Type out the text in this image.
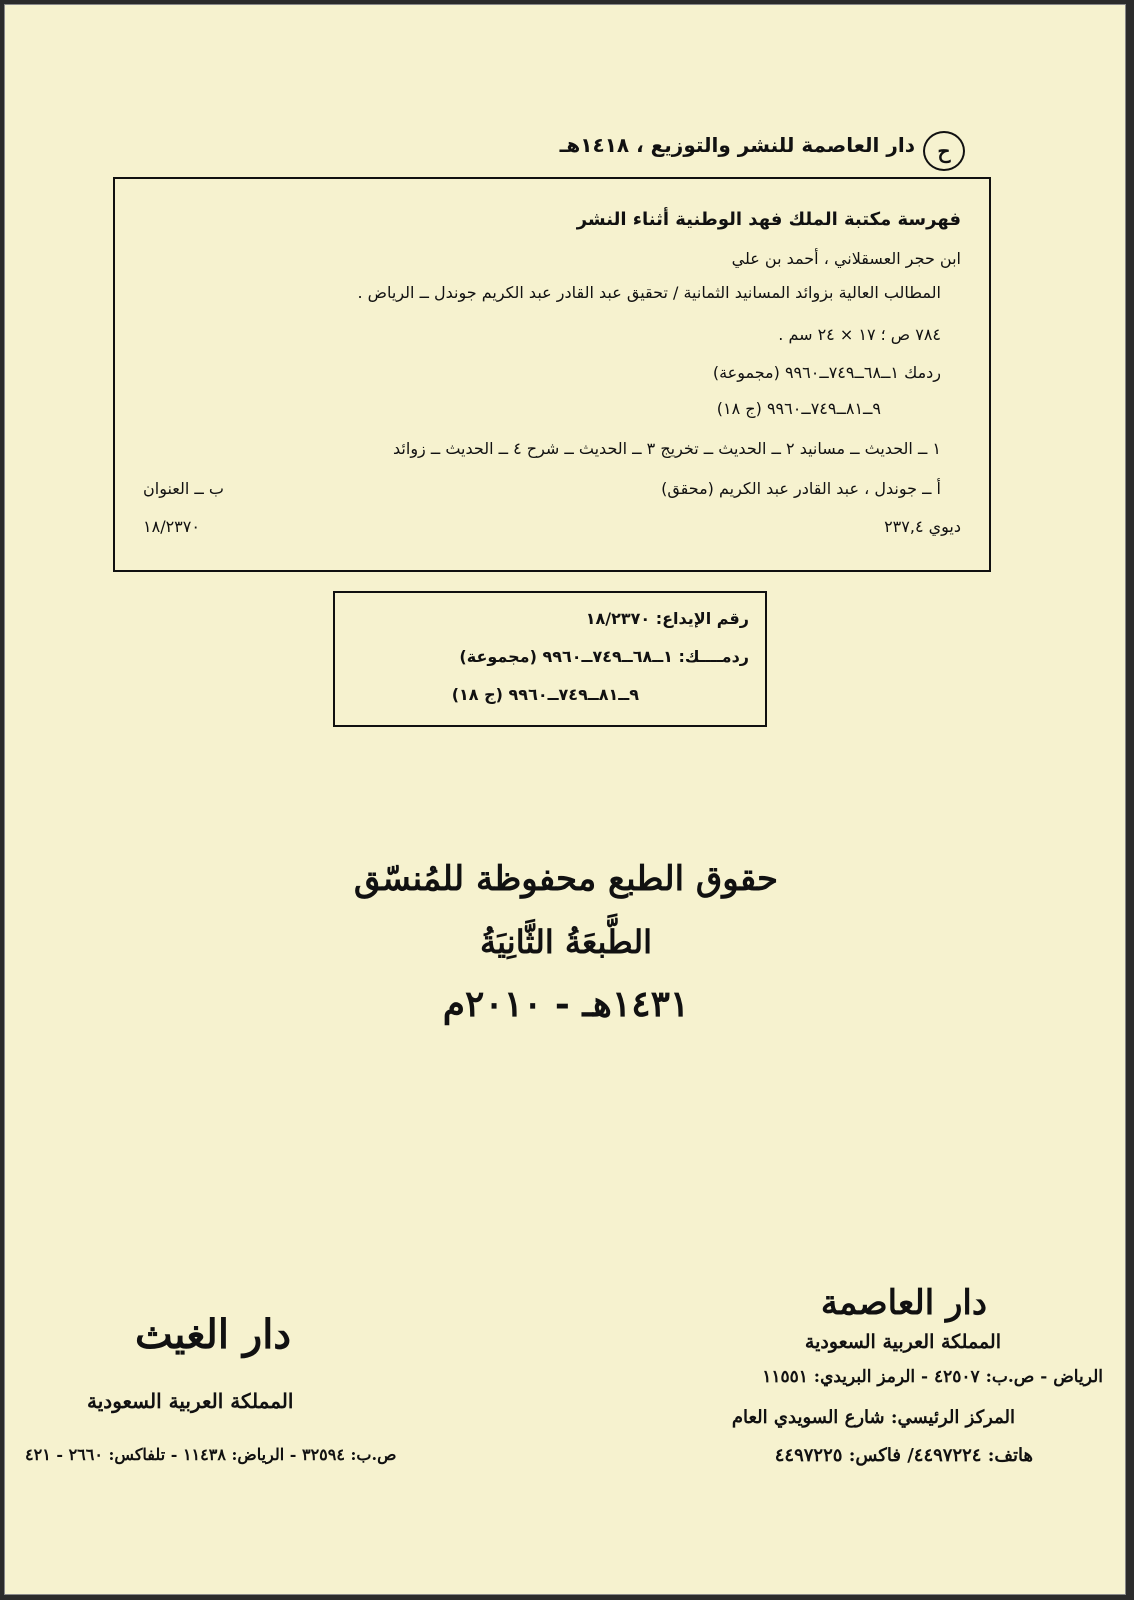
ح
دار العاصمة للنشر والتوزيع ، ١٤١٨هـ
فهرسة مكتبة الملك فهد الوطنية أثناء النشر
ابن حجر العسقلاني ، أحمد بن علي
المطالب العالية بزوائد المسانيد الثمانية / تحقيق عبد القادر عبد الكريم جوندل ــ الرياض .
٧٨٤ ص ؛ ١٧ × ٢٤ سم .
ردمك ١ــ٦٨ــ٧٤٩ــ٩٩٦٠ (مجموعة)
٩ــ٨١ــ٧٤٩ــ٩٩٦٠ (ج ١٨)
١ ــ الحديث ــ مسانيد ٢ ــ الحديث ــ تخريج ٣ ــ الحديث ــ شرح ٤ ــ الحديث ــ زوائد
أ ــ جوندل ، عبد القادر عبد الكريم (محقق)
ب ــ العنوان
ديوي ٢٣٧,٤
١٨/٢٣٧٠
رقم الإيداع: ١٨/٢٣٧٠
ردمــــك: ١ــ٦٨ــ٧٤٩ــ٩٩٦٠ (مجموعة)
٩ــ٨١ــ٧٤٩ــ٩٩٦٠ (ج ١٨)
حقوق الطبع محفوظة للمُنسّق
الطَّبعَةُ الثَّانِيَةُ
١٤٣١هـ - ٢٠١٠م
دار العاصمة
المملكة العربية السعودية
الرياض - ص.ب: ٤٢٥٠٧ - الرمز البريدي: ١١٥٥١
المركز الرئيسي: شارع السويدي العام
هاتف: ٤٤٩٧٢٢٤/ فاكس: ٤٤٩٧٢٢٥
دار الغيث
المملكة العربية السعودية
ص.ب: ٣٢٥٩٤ - الرياض: ١١٤٣٨ - تلفاكس: ٢٦٦٠ - ٤٢١
